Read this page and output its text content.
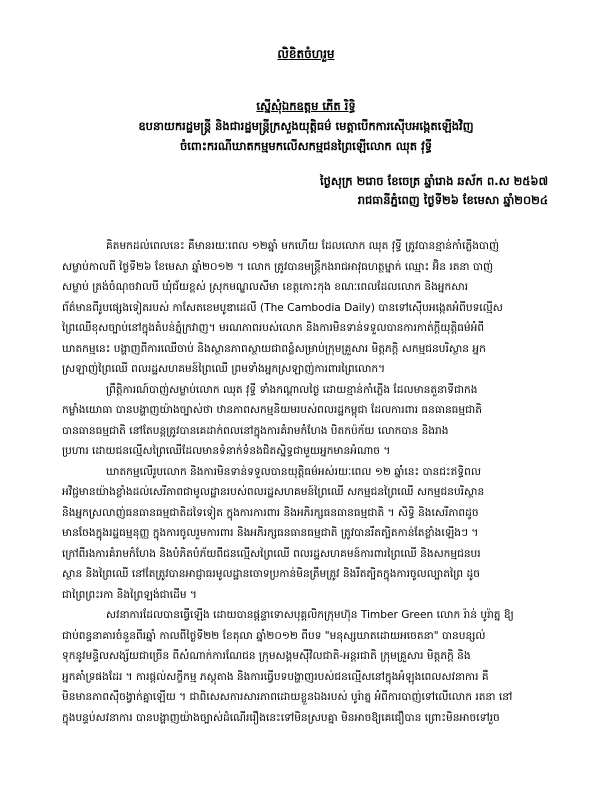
លិខិតចំហរួម
ស្នើសុំឯកឧត្តម ភើត រិទ្ធិ
ឧបនាយករដ្ឋមន្ត្រី និងជារដ្ឋមន្ត្រីក្រសួងយុត្តិធម៌ មេត្តាបើកការស៊ើបអង្កេតឡើងវិញ
ចំពោះករណីឃាតកម្មមកលើសកម្មជនព្រៃឡើលោក ឈុត វុទ្ធី
ថ្ងៃសុក្រ ២រោច ខែចេត្រ ឆ្នាំរោង ឆស័ក ព.ស ២៥៦៧
រាជធានីភ្នំពេញ ថ្ងៃទី២៦ ខែមេសា ឆ្នាំ២០២៤
គិតមកដល់ពេលនេះ គឺមានរយៈពេល ១២ឆ្នាំ មកហើយ ដែលលោក ឈុត វុទ្ធី ត្រូវបានខ្មាន់កាំភ្លើងបាញ់
សម្លាប់កាលពី ថ្ងៃទី២៦ ខែមេសា ឆ្នាំ២០១២ ។ លោក ត្រូវបានមន្ត្រីកងរាជអាវុធហត្ថម្នាក់ ឈ្មោះ អ៊ិន រតនា បាញ់
សម្លាប់ ត្រង់ចំណុចវាលបី ឃុំជ័យខ្ពស់ ស្រុកមណ្ឌលសីមា ខេត្តកោះកុង ខណៈពេលដែលលោក និងអ្នកសារ
ព័ត៌មានពីរូបផ្សេងទៀតរបស់ កាសែតខេមបូឌាដេលី (The Cambodia Daily) បានទៅស៊ើបអង្កេតអំពីបទល្មើស
ព្រៃឈើខុសច្បាប់នៅក្នុងតំបន់ភ្នំក្រវាញ។ មរណភាពរបស់លោក និងការមិនទាន់ទទួលបានការកាត់ក្តីយុត្តិធម៌អំពី
ឃាតកម្មនេះ បង្ហាញពីការឈើចាប់ និងស្ថានភាពស្ថាយជាពន្លំសម្រាប់ក្រុមគ្រួសារ មិត្តភក្តិ សកម្មជនបរិស្ថាន អ្នក
ស្រឡាញ់ព្រៃឈើ ពលរដ្ឋសហគមន៍ព្រៃឈើ ព្រមទាំងអ្នកស្រឡាញ់ការពារព្រៃលោក។
ព្រឹត្តិការណ៍បាញ់សម្លាប់លោក ឈុត វុទ្ធី ទាំងកណ្តាលថ្ងៃ ដោយខ្មាន់កាំភ្លើង ដែលមានតួនាទីជាកង
កម្លាំងយោធា បានបង្ហាញយ៉ាងច្បាស់ថា ឋានភាពសកម្មនិយមរបស់ពលរដ្ឋកម្ពុជា ដែលការពារ ធនធានធម្មជាតិ
បានធានធម្មជាតិ នៅតែបន្តត្រូវបានគេដាក់ពលនៅក្នុងការគំរាមកំហែង បិតកប៉ក័យ លោកបាន និងរាង
ប្រហារ ដោយជនល្មើសព្រៃឈើដែលមានទំនាក់ទំនងជិតស្និទ្ធជាមួយអ្នកមានអំណាច ។
ឃាតកម្មលើរូបលោក និងការមិនទាន់ទទួលបានយុត្តិធម៌អស់រយៈពេល ១២ ឆ្នាំនេះ បានជះឥទ្ធិពល
អវិជ្ជមានយ៉ាងខ្លាំងដល់សេរីភាពជាមូលដ្ឋានរបស់ពលរដ្ឋសហគមន៍ព្រៃឈើ សកម្មជនព្រៃឈើ សកម្មជនបរិស្ថាន
និងអ្នកស្រលាញ់ធនធានធម្មជាតិដទៃទៀត ក្នុងការការពារ និងអភិរក្សធនធានធម្មជាតិ ។ សិទ្ធិ និងសេរីភាពដូច
មានចែងក្នុងរដ្ឋធម្មនុញ្ញ ក្នុងការចូលរួមការពារ និងអភិរក្សធនធានធម្មជាតិ ត្រូវបានរឹតត្បិតកាន់តែខ្លាំងឡើងៗ ។
ក្រៅពីរងការគំរាមកំហែង និងបំភិតបំភ័យពីជនល្មើសព្រៃឈើ ពលរដ្ឋសហគមន៍ការពារព្រៃឈើ និងសកម្មជនបរ
ស្ថាន និងព្រៃឈើ នៅតែត្រូវបានអាជ្ញាធរមូលដ្ឋានចោទប្រកាន់មិនត្រឹមត្រូវ និងរឹតត្បិតក្នុងការចូលល្បាតព្រៃ ដូច
ជាព្រៃព្រះរកា និងព្រៃឡង់ជាដើម ។
សវនាការដែលបានធ្វើឡើង ដោយបានផ្តន្ទាទោសបុគ្គលិកក្រុមហ៊ុន Timber Green លោក រ៉ាន់ បូរ៉ាត្ន ឱ្យ
ជាប់ពន្ធនាគារចំនួនពីរឆ្នាំ កាលពីថ្ងៃទី២២ ខែតុលា ឆ្នាំ២០១២ ពីបទ "មនុស្សឃាតដោយអចេតនា" បានបន្សល់
ទុកនូវមន្ទិលសង្ស័យជាច្រើន ពីសំណាក់ការណែជន ក្រុមសង្គមស៊ីវិលជាតិ-អន្តរជាតិ ក្រុមគ្រួសារ មិត្តភក្តិ និង
អ្នកគាំទ្រផងដែរ ។ ការផ្តល់សក្ខីកម្ម ភស្តុតាង និងការធ្វើបទបង្ហាញរបស់ជនល្មើសនៅក្នុងអំឡុងពេលសវនាការ គឺ
មិនមានភាពស៊ីចង្វាក់គ្នាឡើយ ។ ជាពិសេសការសារភាពដោយខ្លួនឯងរបស់ បូរ៉ាត្ន អំពីការបាញ់ទៅលើលោក រតនា នៅ
ក្នុងបន្ទប់សវនាការ បានបង្ហាញយ៉ាងច្បាស់ដំណើររឿងនេះទៅមិនស្របគ្នា មិនអាចឱ្យគេជឿបាន ព្រោះមិនអាចទៅរួច
